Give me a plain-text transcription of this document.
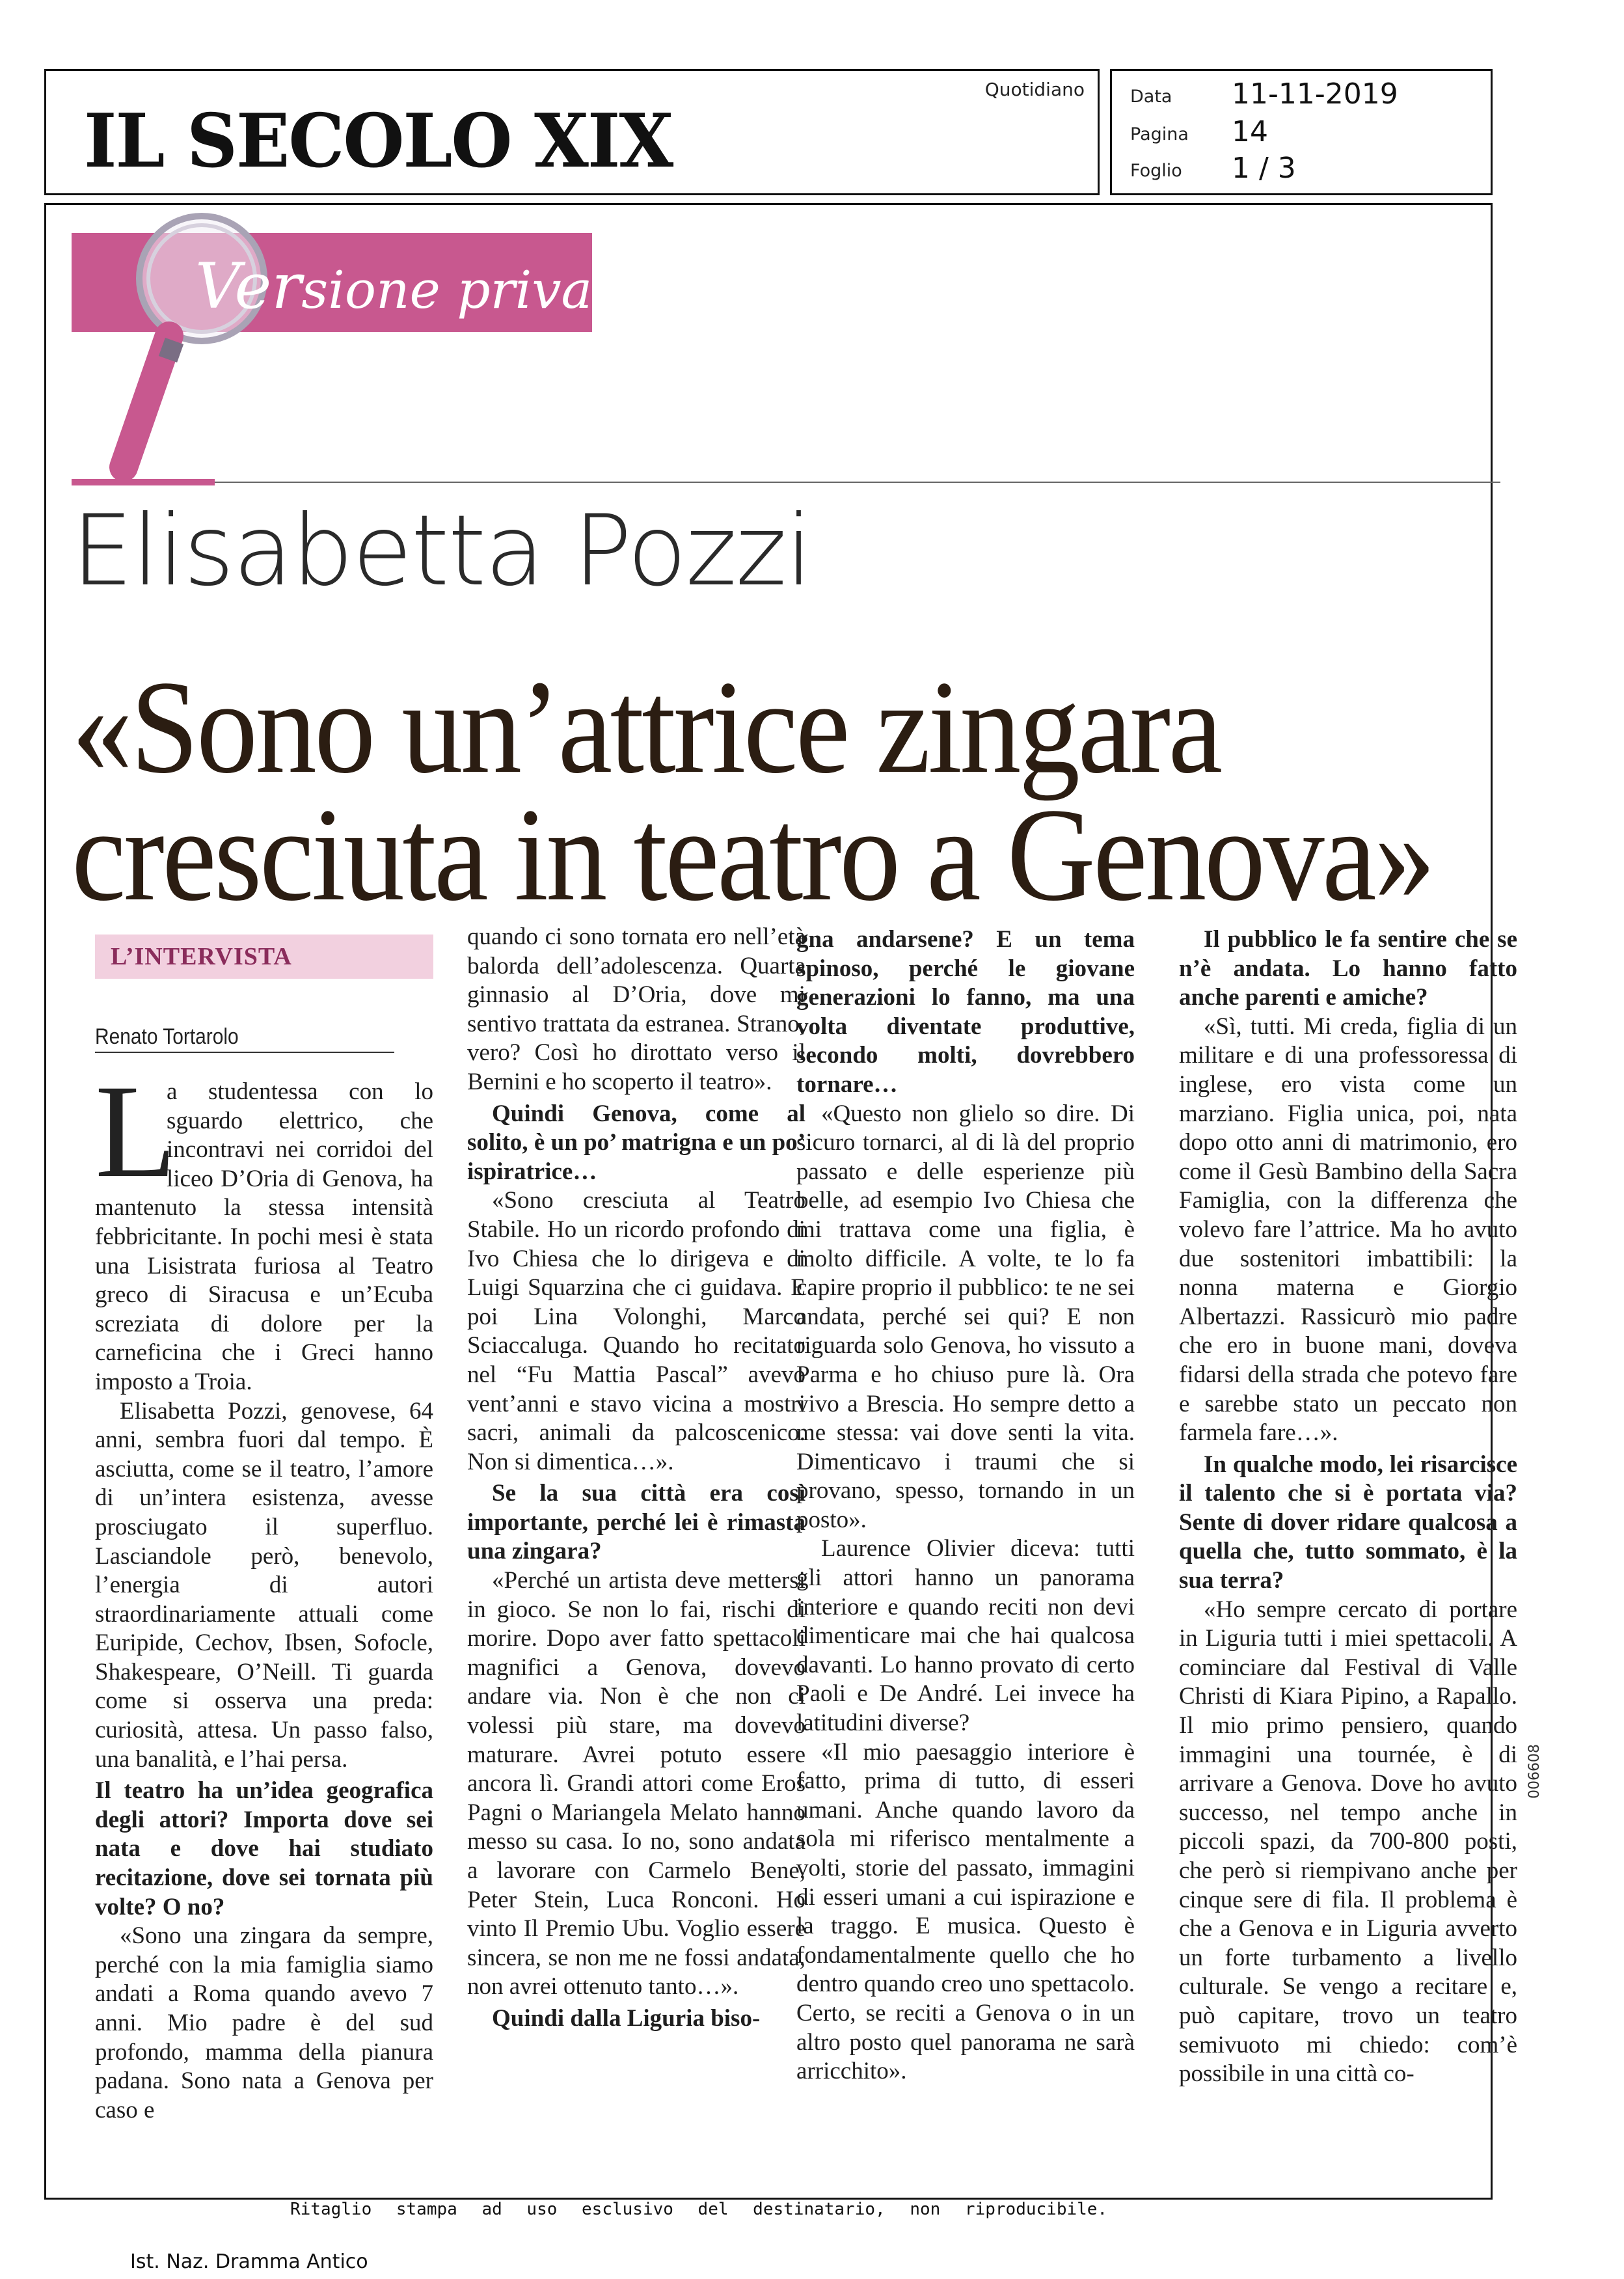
IL SECOLO XIX
Quotidiano	Data 11-11-2019
Pagina 14
Foglio 1 / 3
Versione privata
Elisabetta Pozzi
«Sono un’attrice zingara
cresciuta in teatro a Genova»
L’INTERVISTA
Renato Tortarolo
L

a studentessa con lo sguardo elettrico, che incontravi nei corridoi del liceo D’Oria di Genova, ha mantenuto la stessa intensità febbricitante. In pochi mesi è stata una Lisistrata furiosa al Teatro greco di Siracusa e un’Ecuba screziata di dolore per la carneficina che i Greci hanno imposto a Troia.

Elisabetta Pozzi, genovese, 64 anni, sembra fuori dal tempo. È asciutta, come se il teatro, l’amore di un’intera esistenza, avesse prosciugato il superfluo. Lasciandole però, benevolo, l’energia di autori straordinariamente attuali come Euripide, Cechov, Ibsen, Sofocle, Shakespeare, O’Neill. Ti guarda come si osserva una preda: curiosità, attesa. Un passo falso, una banalità, e l’hai persa.

Il teatro ha un’idea geografica degli attori? Importa dove sei nata e dove hai studiato recitazione, dove sei tornata più volte? O no?

«Sono una zingara da sempre, perché con la mia famiglia siamo andati a Roma quando avevo 7 anni. Mio padre è del sud profondo, mamma della pianura padana. Sono nata a Genova per caso e

quando ci sono tornata ero nell’età balorda dell’adolescenza. Quarta ginnasio al D’Oria, dove mi sentivo trattata da estranea. Strano, vero? Così ho dirottato verso il Bernini e ho scoperto il teatro».

Quindi Genova, come al solito, è un po’ matrigna e un po’ ispiratrice…

«Sono cresciuta al Teatro Stabile. Ho un ricordo profondo di Ivo Chiesa che lo dirigeva e di Luigi Squarzina che ci guidava. E poi Lina Volonghi, Marco Sciaccaluga. Quando ho recitato nel “Fu Mattia Pascal” avevo vent’anni e stavo vicina a mostri sacri, animali da palcoscenico. Non si dimentica…».

Se la sua città era così importante, perché lei è rimasta una zingara?

«Perché un artista deve mettersi in gioco. Se non lo fai, rischi di morire. Dopo aver fatto spettacoli magnifici a Genova, dovevo andare via. Non è che non ci volessi più stare, ma dovevo maturare. Avrei potuto essere ancora lì. Grandi attori come Eros Pagni o Mariangela Melato hanno messo su casa. Io no, sono andata a lavorare con Carmelo Bene, Peter Stein, Luca Ronconi. Ho vinto Il Premio Ubu. Voglio essere sincera, se non me ne fossi andata, non avrei ottenuto tanto…».

Quindi dalla Liguria biso-

gna andarsene? E un tema spinoso, perché le giovane generazioni lo fanno, ma una volta diventate produttive, secondo molti, dovrebbero tornare…

«Questo non glielo so dire. Di sicuro tornarci, al di là del proprio passato e delle esperienze più belle, ad esempio Ivo Chiesa che mi trattava come una figlia, è molto difficile. A volte, te lo fa capire proprio il pubblico: te ne sei andata, perché sei qui? E non riguarda solo Genova, ho vissuto a Parma e ho chiuso pure là. Ora vivo a Brescia. Ho sempre detto a me stessa: vai dove senti la vita. Dimenticavo i traumi che si provano, spesso, tornando in un posto».

Laurence Olivier diceva: tutti gli attori hanno un panorama interiore e quando reciti non devi dimenticare mai che hai qualcosa davanti. Lo hanno provato di certo Paoli e De André. Lei invece ha latitudini diverse?

«Il mio paesaggio interiore è fatto, prima di tutto, di esseri umani. Anche quando lavoro da sola mi riferisco mentalmente a volti, storie del passato, immagini di esseri umani a cui ispirazione e la traggo. E musica. Questo è fondamentalmente quello che ho dentro quando creo uno spettacolo. Certo, se reciti a Genova o in un altro posto quel panorama ne sarà arricchito».

Il pubblico le fa sentire che se n’è andata. Lo hanno fatto anche parenti e amiche?

«Sì, tutti. Mi creda, figlia di un militare e di una professoressa di inglese, ero vista come un marziano. Figlia unica, poi, nata dopo otto anni di matrimonio, ero come il Gesù Bambino della Sacra Famiglia, con la differenza che volevo fare l’attrice. Ma ho avuto due sostenitori imbattibili: la nonna materna e Giorgio Albertazzi. Rassicurò mio padre che ero in buone mani, doveva fidarsi della strada che potevo fare e sarebbe stato un peccato non farmela fare…».

In qualche modo, lei risarcisce il talento che si è portata via? Sente di dover ridare qualcosa a quella che, tutto sommato, è la sua terra?

«Ho sempre cercato di portare in Liguria tutti i miei spettacoli. A cominciare dal Festival di Valle Christi di Kiara Pipino, a Rapallo. Il mio primo pensiero, quando immagini una tournée, è di arrivare a Genova. Dove ho avuto successo, nel tempo anche in piccoli spazi, da 700-800 posti, che però si riempivano anche per cinque sere di fila. Il problema è che a Genova e in Liguria avverto un forte turbamento a livello culturale. Se vengo a recitare e, può capitare, trovo un teatro semivuoto mi chiedo: com’è possibile in una città co-

Ritaglio stampa ad uso esclusivo del destinatario, non riproducibile.
006608
Ist. Naz. Dramma Antico
